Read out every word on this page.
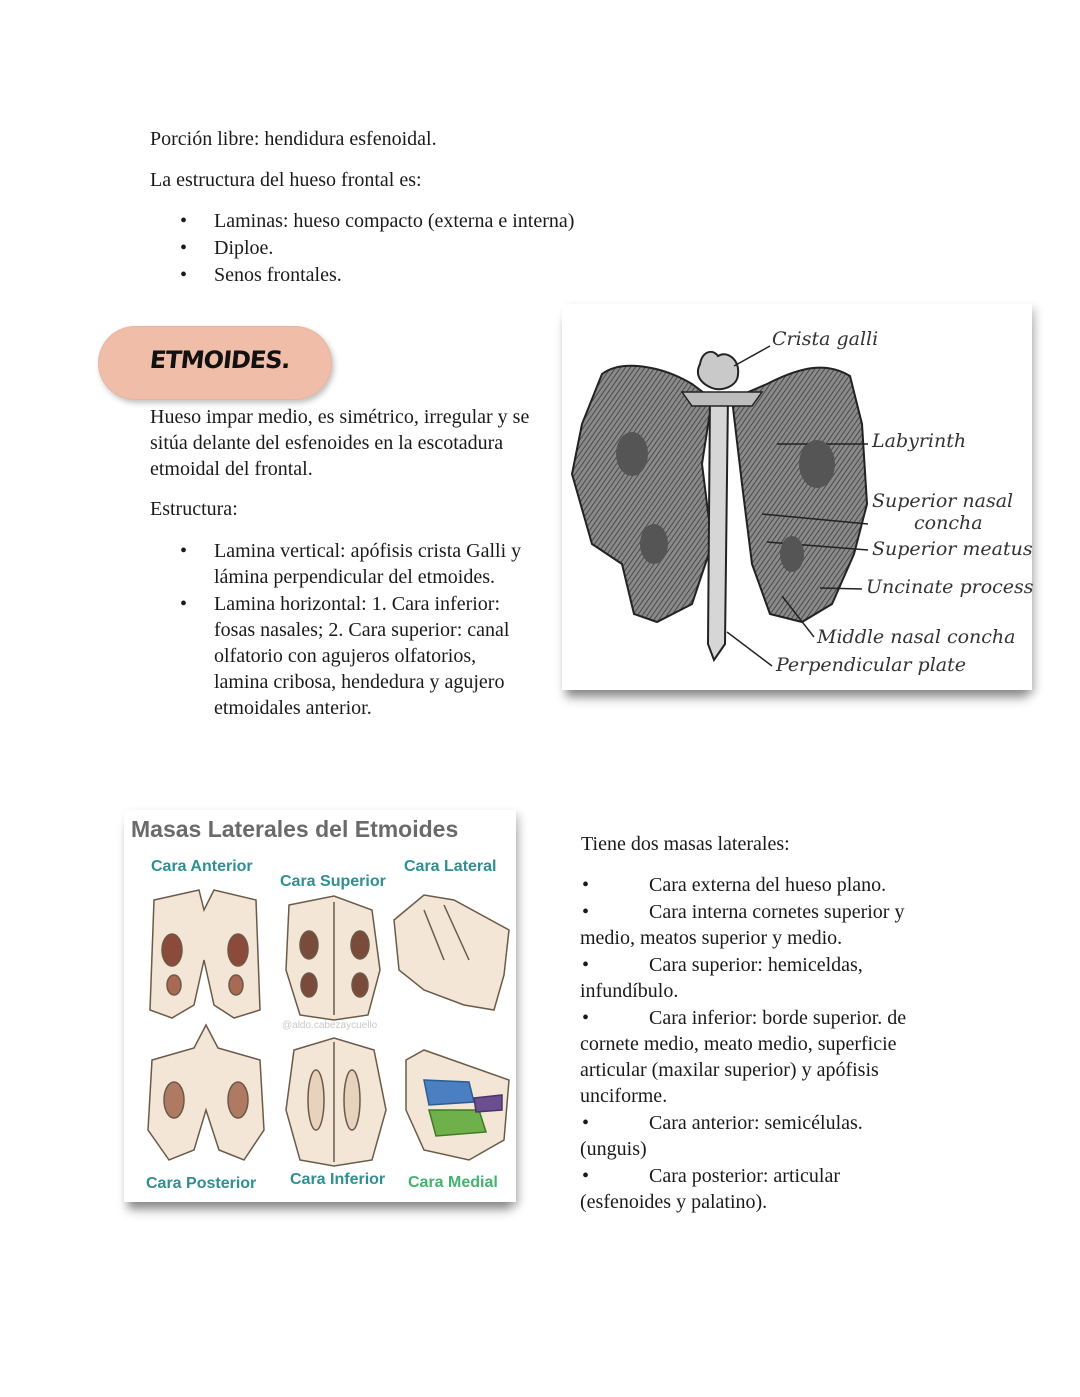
Porción libre: hendidura esfenoidal.

La estructura del hueso frontal es:

• Laminas: hueso compacto (externa e interna)
• Diploe.
• Senos frontales.
ETMOIDES.

Hueso impar medio, es simétrico, irregular y se sitúa delante del esfenoides en la escotadura etmoidal del frontal.

Estructura:

• Lamina vertical: apófisis crista Galli y lámina perpendicular del etmoides.
• Lamina horizontal: 1. Cara inferior: fosas nasales; 2. Cara superior: canal olfatorio con agujeros olfatorios, lamina cribosa, hendedura y agujero etmoidales anterior.
Crista galli
Labyrinth
Superior nasal
concha
Superior meatus
Uncinate process
Middle nasal concha
Perpendicular plate
Masas Laterales del Etmoides
Cara Anterior
Cara Superior
Cara Lateral
Cara Posterior Cara Inferior Cara Medial
@aldo.cabezaycuello

Tiene dos masas laterales:

•	Cara externa del hueso plano.
•	Cara interna cornetes superior y
medio, meatos superior y medio.
•	Cara superior: hemiceldas,
infundíbulo.
•	Cara inferior: borde superior. de
cornete medio, meato medio, superficie articular (maxilar superior) y apófisis unciforme.
•	Cara anterior: semicélulas.
(unguis)
•	Cara posterior: articular
(esfenoides y palatino).
